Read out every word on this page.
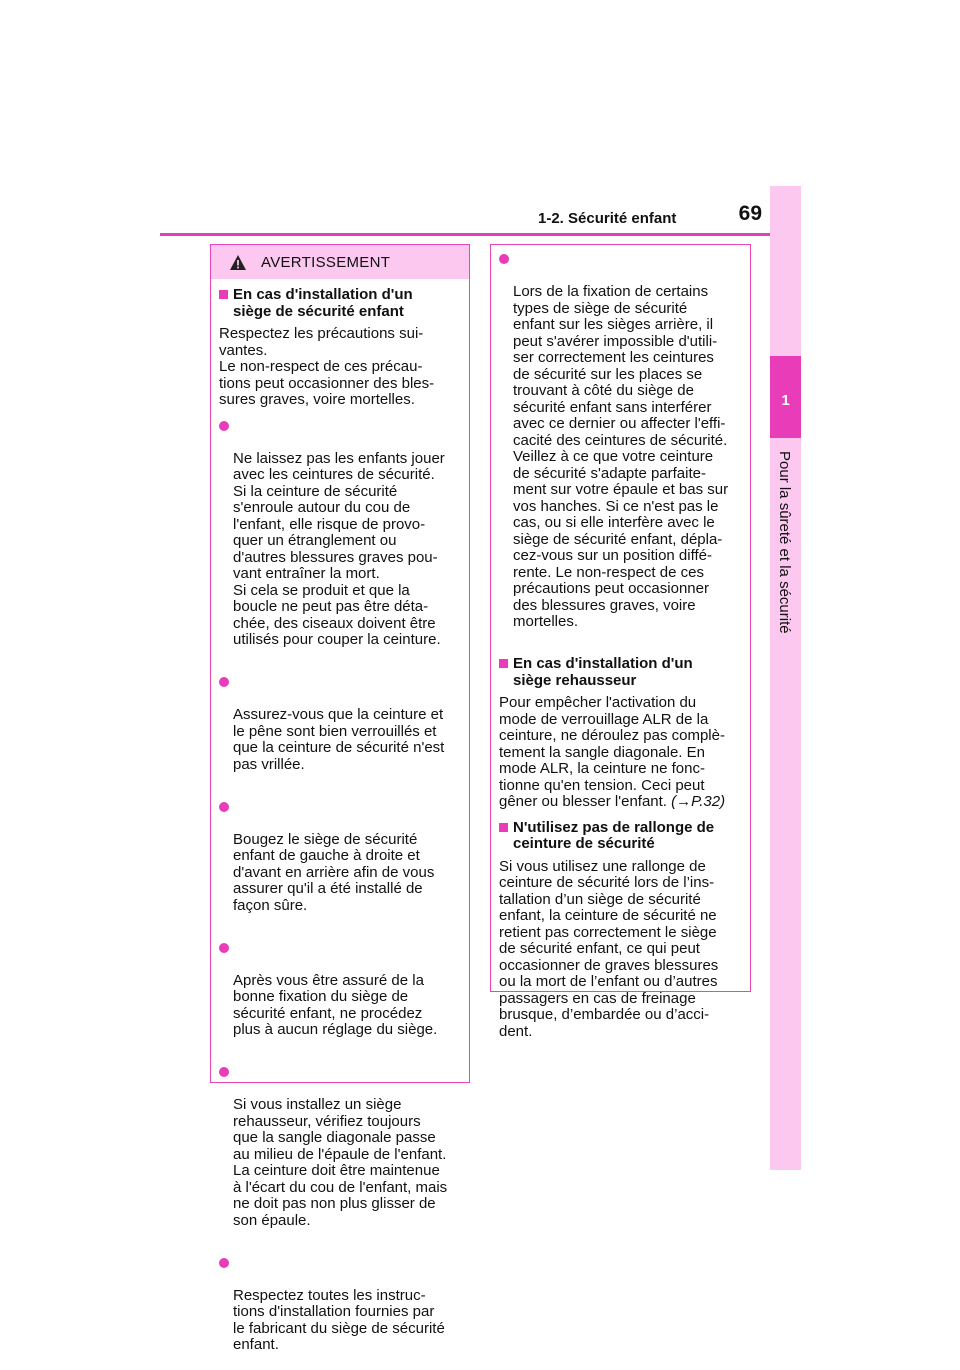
1-2. Sécurité enfant	69
1
Pour la sûreté et la sécurité
AVERTISSEMENT
En cas d'installation d'un
siège de sécurité enfant
Respectez les précautions sui-
vantes.
Le non-respect de ces précau-
tions peut occasionner des bles-
sures graves, voire mortelles.

Ne laissez pas les enfants jouer
avec les ceintures de sécurité.
Si la ceinture de sécurité
s'enroule autour du cou de
l'enfant, elle risque de provo-
quer un étranglement ou
d'autres blessures graves pou-
vant entraîner la mort.
Si cela se produit et que la
boucle ne peut pas être déta-
chée, des ciseaux doivent être
utilisés pour couper la ceinture.

Assurez-vous que la ceinture et
le pêne sont bien verrouillés et
que la ceinture de sécurité n'est
pas vrillée.

Bougez le siège de sécurité
enfant de gauche à droite et
d'avant en arrière afin de vous
assurer qu'il a été installé de
façon sûre.

Après vous être assuré de la
bonne fixation du siège de
sécurité enfant, ne procédez
plus à aucun réglage du siège.

Si vous installez un siège
rehausseur, vérifiez toujours
que la sangle diagonale passe
au milieu de l'épaule de l'enfant.
La ceinture doit être maintenue
à l'écart du cou de l'enfant, mais
ne doit pas non plus glisser de
son épaule.

Respectez toutes les instruc-
tions d'installation fournies par
le fabricant du siège de sécurité
enfant.

Lors de la fixation de certains
types de siège de sécurité
enfant sur les sièges arrière, il
peut s'avérer impossible d'utili-
ser correctement les ceintures
de sécurité sur les places se
trouvant à côté du siège de
sécurité enfant sans interférer
avec ce dernier ou affecter l'effi-
cacité des ceintures de sécurité.
Veillez à ce que votre ceinture
de sécurité s'adapte parfaite-
ment sur votre épaule et bas sur
vos hanches. Si ce n'est pas le
cas, ou si elle interfère avec le
siège de sécurité enfant, dépla-
cez-vous sur un position diffé-
rente. Le non-respect de ces
précautions peut occasionner
des blessures graves, voire
mortelles.

En cas d'installation d'un
siège rehausseur
Pour empêcher l'activation du
mode de verrouillage ALR de la
ceinture, ne déroulez pas complè-
tement la sangle diagonale. En
mode ALR, la ceinture ne fonc-
tionne qu'en tension. Ceci peut
gêner ou blesser l'enfant. (→P.32)
N'utilisez pas de rallonge de
ceinture de sécurité
Si vous utilisez une rallonge de
ceinture de sécurité lors de l’ins-
tallation d’un siège de sécurité
enfant, la ceinture de sécurité ne
retient pas correctement le siège
de sécurité enfant, ce qui peut
occasionner de graves blessures
ou la mort de l’enfant ou d’autres
passagers en cas de freinage
brusque, d’embardée ou d’acci-
dent.
